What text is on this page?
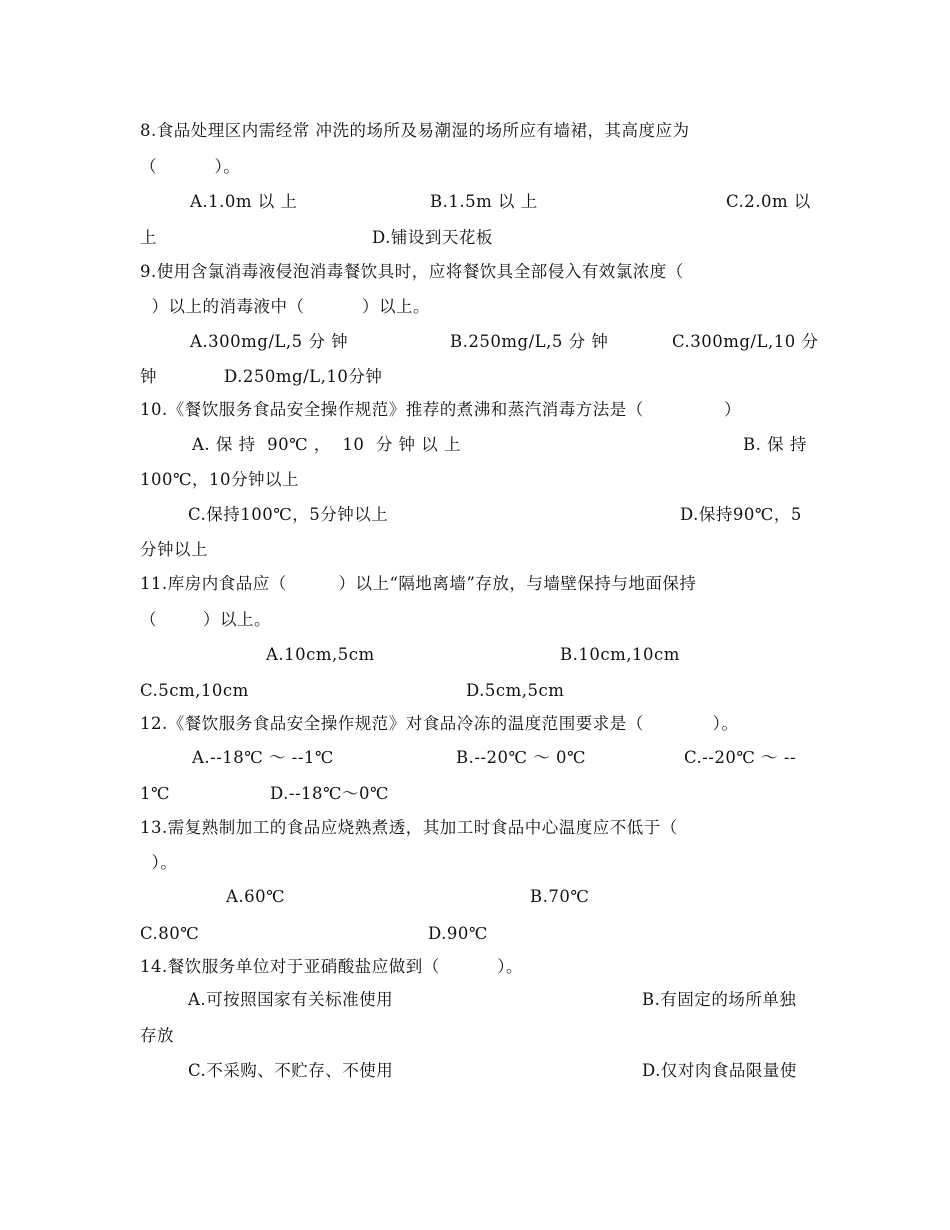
8.食品处理区内需经常 冲洗的场所及易潮湿的场所应有墙裙，其高度应为
（          ）。
A.1.0m 以 上	B.1.5m 以 上	C.2.0m 以
上	D.铺设到天花板
9.使用含氯消毒液侵泡消毒餐饮具时，应将餐饮具全部侵入有效氯浓度（
）以上的消毒液中（          ）以上。
A.300mg/L,5 分 钟	B.250mg/L,5 分 钟	C.300mg/L,10 分
钟	D.250mg/L,10分钟
10.《餐饮服务食品安全操作规范》推荐的煮沸和蒸汽消毒方法是（              ）
A. 保 持  90℃ ，  10  分 钟 以 上	B. 保 持
100℃，10分钟以上
C.保持100℃，5分钟以上	D.保持90℃，5
分钟以上
11.库房内食品应（         ）以上“隔地离墙”存放，与墙壁保持与地面保持
（        ）以上。
A.10cm,5cm	B.10cm,10cm
C.5cm,10cm	D.5cm,5cm
12.《餐饮服务食品安全操作规范》对食品冷冻的温度范围要求是（            ）。
A.--18℃ ～ --1℃	B.--20℃ ～ 0℃	C.--20℃ ～ --
1℃	D.--18℃～0℃
13.需复熟制加工的食品应烧熟煮透，其加工时食品中心温度应不低于（
）。
A.60℃	B.70℃
C.80℃	D.90℃
14.餐饮服务单位对于亚硝酸盐应做到（          ）。
A.可按照国家有关标准使用	B.有固定的场所单独
存放
C.不采购、不贮存、不使用	D.仅对肉食品限量使
